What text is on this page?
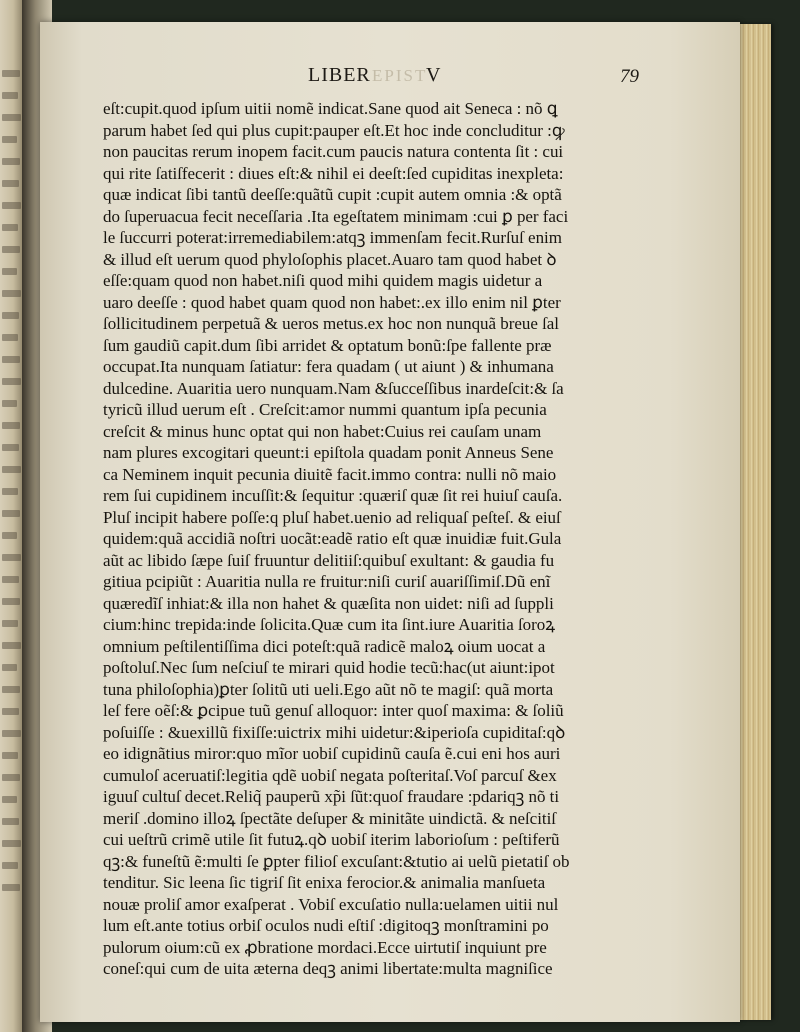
LIBER EPIST
V	79
eſt:cupit.quod ipſum uitii nomẽ indicat.Sane quod ait Seneca : nõ ꝗ
parum habet ſed qui plus cupit:pauper eſt.Et hoc inde concluditur :ꝙ
non paucitas rerum inopem facit.cum paucis natura contenta ſit : cui
qui rite ſatiſfecerit : diues eſt:& nihil ei deeſt:ſed cupiditas inexpleta:
quæ indicat ſibi tantũ deeſſe:quãtũ cupit :cupit autem omnia :& optã
do ſuperuacua fecit neceſſaria .Ita egeſtatem minimam :cui ꝑ per faci
le ſuccurri poterat:irremediabilem:atqꝫ immenſam fecit.Rurſuſ enim
& illud eſt uerum quod phyloſophis placet.Auaro tam quod habet ꝺ
eſſe:quam quod non habet.niſi quod mihi quidem magis uidetur a
uaro deeſſe : quod habet quam quod non habet:.ex illo enim nil ꝑter
ſollicitudinem perpetuã & ueros metus.ex hoc non nunquã breue ſal
ſum gaudiũ capit.dum ſibi arridet & optatum bonũ:ſpe fallente præ
occupat.Ita nunquam ſatiatur: fera quadam ( ut aiunt ) & inhumana
dulcedine. Auaritia uero nunquam.Nam &ſucceſſibus inardeſcit:& ſa
tyricũ illud uerum eſt . Creſcit:amor nummi quantum ipſa pecunia
creſcit & minus hunc optat qui non habet:Cuius rei cauſam unam
nam plures excogitari queunt:i epiſtola quadam ponit Anneus Sene
ca Neminem inquit pecunia diuitẽ facit.immo contra: nulli nõ maio
rem ſui cupidinem incuſſit:& ſequitur :quæriſ quæ ſit rei huiuſ cauſa.
Pluſ incipit habere poſſe:q pluſ habet.uenio ad reliquaſ peſteſ. & eiuſ
quidem:quã accidiã noſtri uocãt:eadẽ ratio eſt quæ inuidiæ fuit.Gula
aũt ac libido ſæpe ſuiſ fruuntur delitiiſ:quibuſ exultant: & gaudia fu
gitiua pcipiũt : Auaritia nulla re fruitur:niſi curiſ auariſſimiſ.Dũ enĩ
quæredĩſ inhiat:& illa non hahet & quæſita non uidet: niſi ad ſuppli
cium:hinc trepida:inde ſolicita.Quæ cum ita ſint.iure Auaritia ſoroꝝ
omnium peſtilentiſſima dici poteſt:quã radicẽ maloꝝ oium uocat a
poſtoluſ.Nec ſum neſciuſ te mirari quid hodie tecũ:hac(ut aiunt:ipot
tuna philoſophia)ꝑter ſolitũ uti ueli.Ego aũt nõ te magiſ: quã morta
leſ fere oẽſ:& ꝑcipue tuũ genuſ alloquor: inter quoſ maxima: & ſoliũ
poſuiſſe : &uexillũ fixiſſe:uictrix mihi uidetur:&iperioſa cupiditaſ:qꝺ
eo idignãtius miror:quo mĩor uobiſ cupidinũ cauſa ẽ.cui eni hos auri
cumuloſ aceruatiſ:legitia qdẽ uobiſ negata poſteritaſ.Voſ parcuſ &ex
iguuſ cultuſ decet.Reliq̃ pauperũ xp̃i ſũt:quoſ fraudare :pdariqꝫ nõ ti
meriſ .domino illoꝝ ſpectãte deſuper & minitãte uindictã. & neſcitiſ
cui ueſtrũ crimẽ utile ſit futuꝝ.qꝺ uobiſ iterim laborioſum : peſtiferũ
qꝫ:& funeſtũ ẽ:multi ſe ꝑpter filioſ excuſant:&tutio ai uelũ pietatiſ ob
tenditur. Sic leena ſic tigriſ ſit enixa ferocior.& animalia manſueta
nouæ proliſ amor exaſperat . Vobiſ excuſatio nulla:uelamen uitii nul
lum eſt.ante totius orbiſ oculos nudi eſtiſ :digitoqꝫ monſtramini po
pulorum oium:cũ ex ꝓbratione mordaci.Ecce uirtutiſ inquiunt pre
coneſ:qui cum de uita æterna deqꝫ animi libertate:multa magniſice
